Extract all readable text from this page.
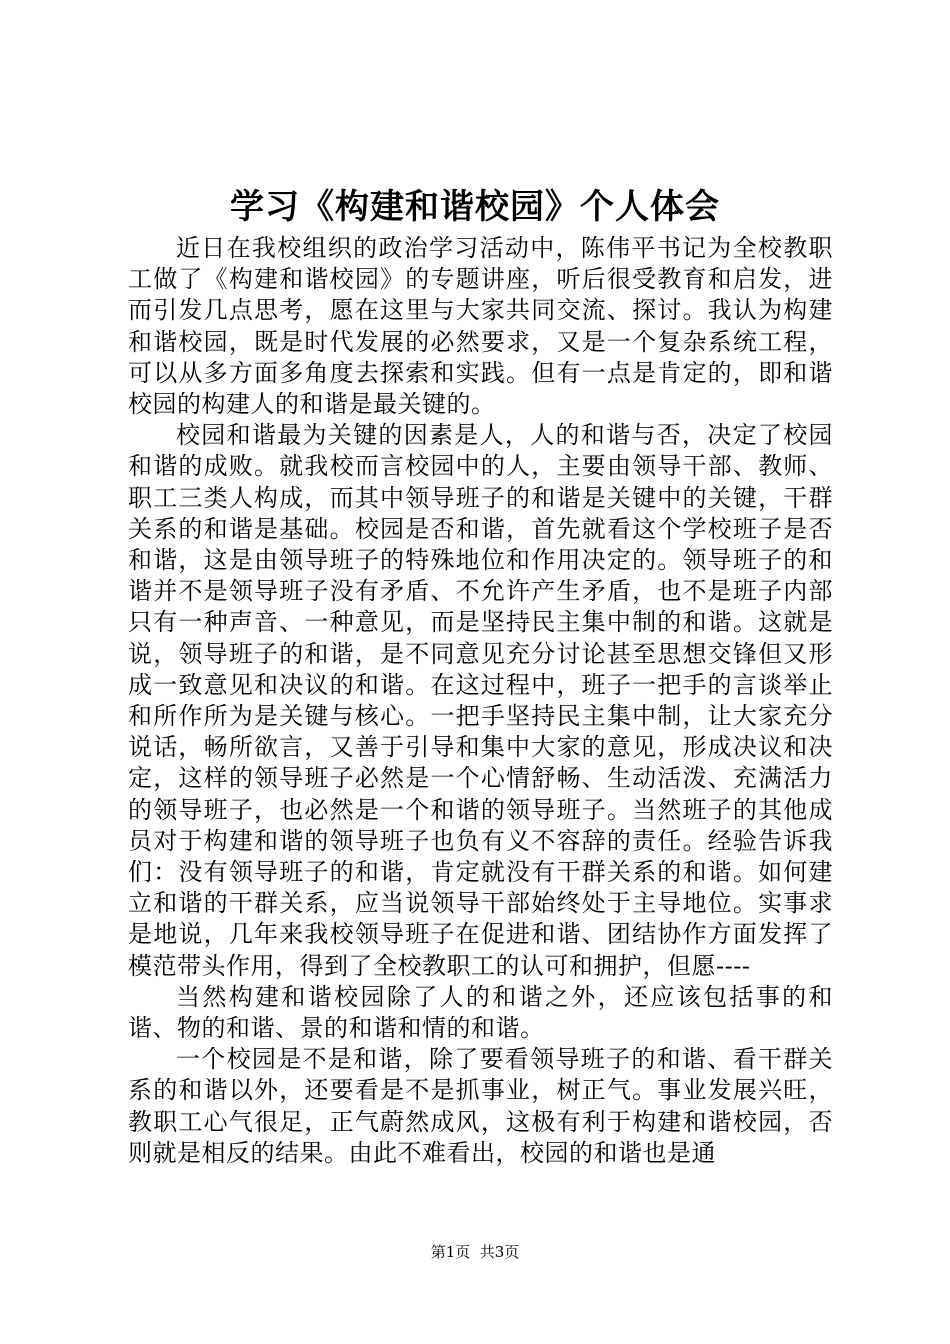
学习《构建和谐校园》个人体会

近日在我校组织的政治学习活动中，陈伟平书记为全校教职工做了《构建和谐校园》的专题讲座，听后很受教育和启发，进而引发几点思考，愿在这里与大家共同交流、探讨。我认为构建和谐校园，既是时代发展的必然要求，又是一个复杂系统工程，可以从多方面多角度去探索和实践。但有一点是肯定的，即和谐校园的构建人的和谐是最关键的。

校园和谐最为关键的因素是人，人的和谐与否，决定了校园和谐的成败。就我校而言校园中的人，主要由领导干部、教师、职工三类人构成，而其中领导班子的和谐是关键中的关键，干群关系的和谐是基础。校园是否和谐，首先就看这个学校班子是否和谐，这是由领导班子的特殊地位和作用决定的。领导班子的和谐并不是领导班子没有矛盾、不允许产生矛盾，也不是班子内部只有一种声音、一种意见，而是坚持民主集中制的和谐。这就是说，领导班子的和谐，是不同意见充分讨论甚至思想交锋但又形成一致意见和决议的和谐。在这过程中，班子一把手的言谈举止和所作所为是关键与核心。一把手坚持民主集中制，让大家充分说话，畅所欲言，又善于引导和集中大家的意见，形成决议和决定，这样的领导班子必然是一个心情舒畅、生动活泼、充满活力的领导班子，也必然是一个和谐的领导班子。当然班子的其他成员对于构建和谐的领导班子也负有义不容辞的责任。经验告诉我们：没有领导班子的和谐，肯定就没有干群关系的和谐。如何建立和谐的干群关系，应当说领导干部始终处于主导地位。实事求是地说，几年来我校领导班子在促进和谐、团结协作方面发挥了模范带头作用，得到了全校教职工的认可和拥护，但愿----

当然构建和谐校园除了人的和谐之外，还应该包括事的和谐、物的和谐、景的和谐和情的和谐。

一个校园是不是和谐，除了要看领导班子的和谐、看干群关系的和谐以外，还要看是不是抓事业，树正气。事业发展兴旺，教职工心气很足，正气蔚然成风，这极有利于构建和谐校园，否则就是相反的结果。由此不难看出，校园的和谐也是通

第1页  共3页
